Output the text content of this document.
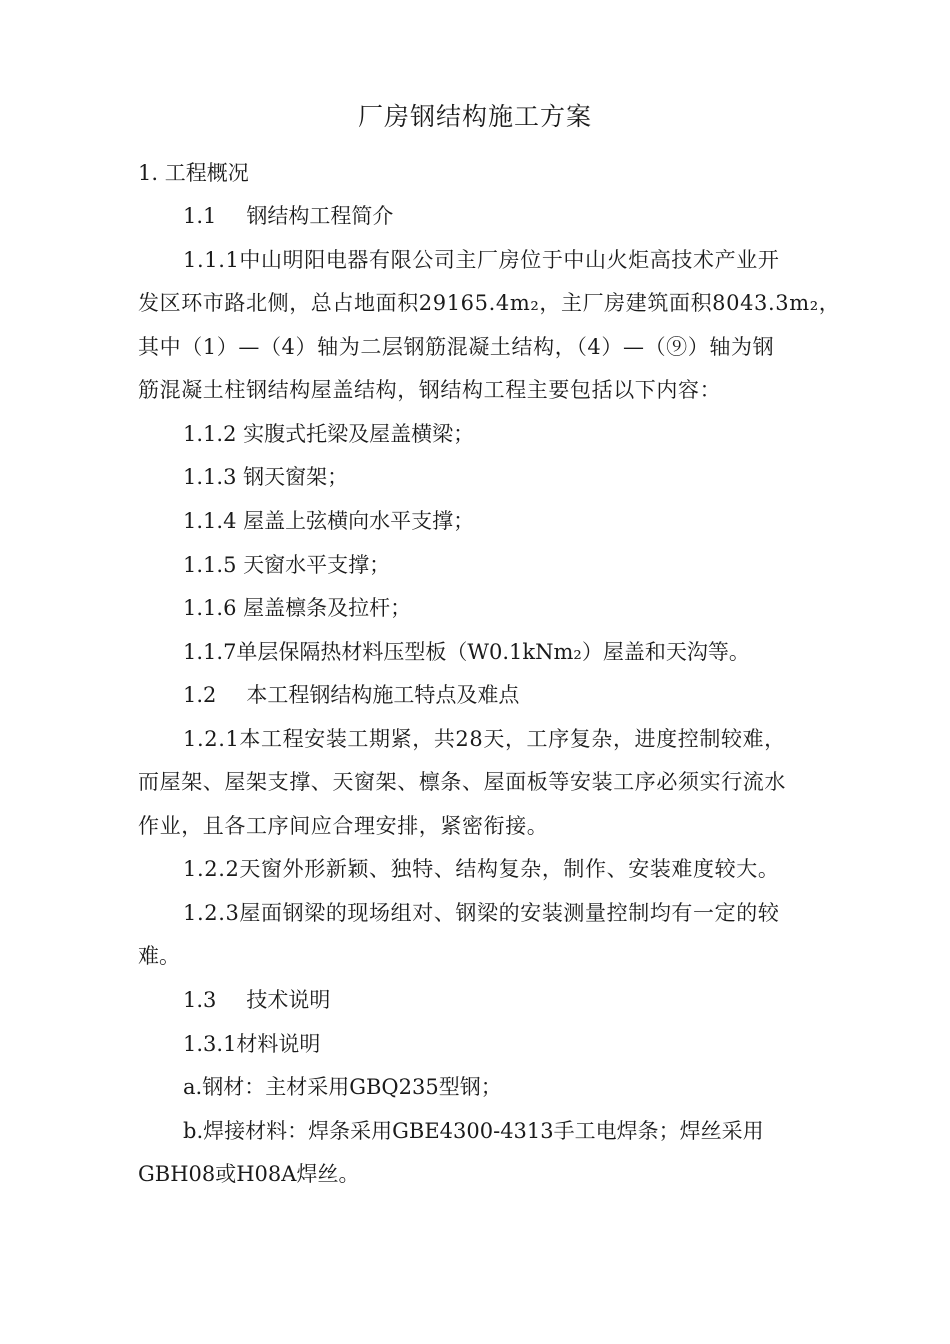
厂房钢结构施工方案
1. 工程概况
1.1 钢结构工程简介
1.1.1中山明阳电器有限公司主厂房位于中山火炬高技术产业开
发区环市路北侧，总占地面积29165.4m₂，主厂房建筑面积8043.3m₂，
其中（1）—（4）轴为二层钢筋混凝土结构，（4）—（⑨）轴为钢
筋混凝土柱钢结构屋盖结构，钢结构工程主要包括以下内容：
1.1.2 实腹式托梁及屋盖横梁；
1.1.3 钢天窗架；
1.1.4 屋盖上弦横向水平支撑；
1.1.5 天窗水平支撑；
1.1.6 屋盖檩条及拉杆；
1.1.7单层保隔热材料压型板（W0.1kNm₂）屋盖和天沟等。
1.2 本工程钢结构施工特点及难点
1.2.1本工程安装工期紧，共28天，工序复杂，进度控制较难，
而屋架、屋架支撑、天窗架、檩条、屋面板等安装工序必须实行流水
作业，且各工序间应合理安排，紧密衔接。
1.2.2天窗外形新颖、独特、结构复杂，制作、安装难度较大。
1.2.3屋面钢梁的现场组对、钢梁的安装测量控制均有一定的较
难。
1.3 技术说明
1.3.1材料说明
a.钢材：主材采用GBQ235型钢；
b.焊接材料：焊条采用GBE4300-4313手工电焊条；焊丝采用
GBH08或H08A焊丝。
